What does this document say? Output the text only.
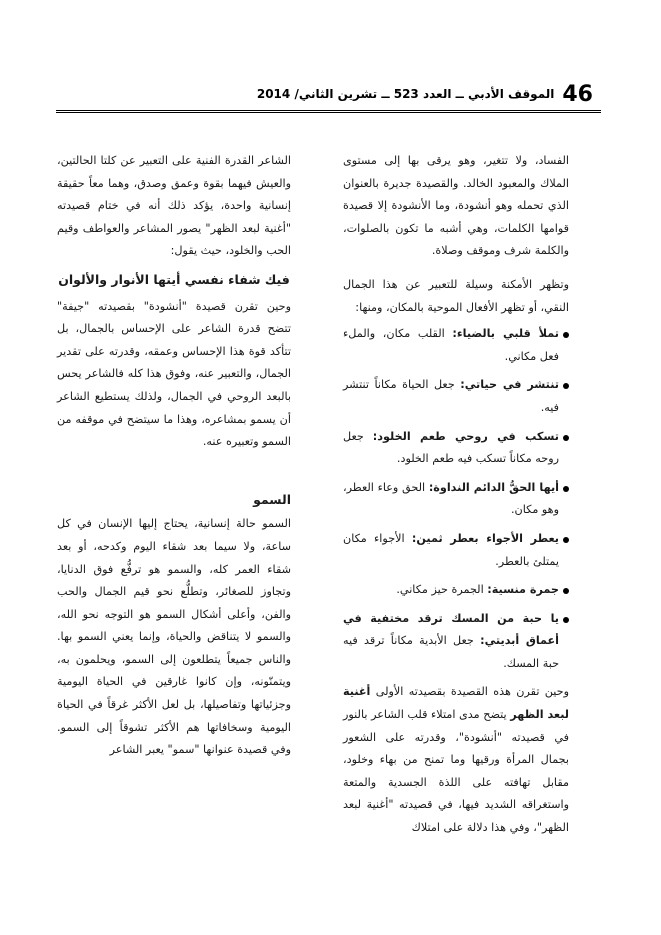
46
الموقف الأدبي ــ العدد 523 ــ تشرين الثاني/ 2014

الفساد، ولا تتغير، وهو يرقى بها إلى مستوى الملاك والمعبود الخالد. والقصيدة جديرة بالعنوان الذي تحمله وهو أنشودة، وما الأنشودة إلا قصيدة قوامها الكلمات، وهي أشبه ما تكون بالصلوات، والكلمة شرف وموقف وصلاة.

وتظهر الأمكنة وسيلة للتعبير عن هذا الجمال النقي، أو تظهر الأفعال الموحية بالمكان، ومنها:

تملأ قلبي بالضياء: القلب مكان، والملء فعل مكاني.
تنتشر في حياتي: جعل الحياة مكاناً تنتشر فيه.
تسكب في روحي طعم الخلود: جعل روحه مكاناً تسكب فيه طعم الخلود.
أيها الحقُّ الدائم النداوة: الحق وعاء العطر، وهو مكان.
يعطر الأجواء بعطر ثمين: الأجواء مكان يمتلئ بالعطر.
جمرة منسية: الجمرة حيز مكاني.
يا حبة من المسك ترقد مختفية في أعماق أبديتي: جعل الأبدية مكاناً ترقد فيه حبة المسك.

وحين تقرن هذه القصيدة بقصيدته الأولى أغنية لبعد الظهر يتضح مدى امتلاء قلب الشاعر بالنور في قصيدته "أنشودة"، وقدرته على الشعور بجمال المرأة ورقيها وما تمنح من بهاء وخلود، مقابل تهافته على اللذة الجسدية والمتعة واستغراقه الشديد فيها، في قصيدته "أغنية لبعد الظهر"، وفي هذا دلالة على امتلاك

الشاعر القدرة الفنية على التعبير عن كلتا الحالتين، والعيش فيهما بقوة وعمق وصدق، وهما معاً حقيقة إنسانية واحدة، يؤكد ذلك أنه في ختام قصيدته "أغنية لبعد الظهر" يصور المشاعر والعواطف وقيم الحب والخلود، حيث يقول:

فيك شفاء نفسي أيتها الأنوار والألوان

وحين تقرن قصيدة "أنشودة" بقصيدته "جيفة" تتضح قدرة الشاعر على الإحساس بالجمال، بل تتأكد قوة هذا الإحساس وعمقه، وقدرته على تقدير الجمال، والتعبير عنه، وفوق هذا كله فالشاعر يحس بالبعد الروحي في الجمال، ولذلك يستطيع الشاعر أن يسمو بمشاعره، وهذا ما سيتضح في موقفه من السمو وتعبيره عنه.

السمو

السمو حالة إنسانية، يحتاج إليها الإنسان في كل ساعة، ولا سيما بعد شقاء اليوم وكدحه، أو بعد شقاء العمر كله، والسمو هو ترفُّع فوق الدنايا، وتجاوز للصغائر، وتطلُّع نحو قيم الجمال والحب والفن، وأعلى أشكال السمو هو التوجه نحو الله، والسمو لا يتناقض والحياة، وإنما يعني السمو بها. والناس جميعاً يتطلعون إلى السمو، ويحلمون به، ويتمنّونه، وإن كانوا غارقين في الحياة اليومية وجزئياتها وتفاصيلها، بل لعل الأكثر غرقاً في الحياة اليومية وسخافاتها هم الأكثر تشوقاً إلى السمو. وفي قصيدة عنوانها "سمو" يعبر الشاعر
